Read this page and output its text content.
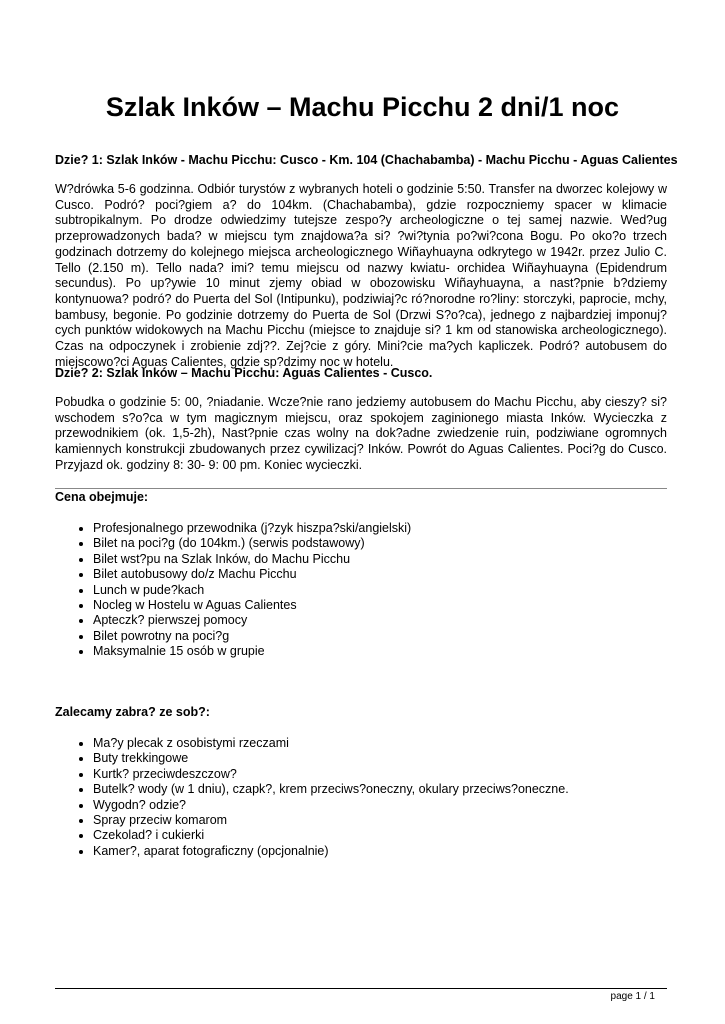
Szlak Inków – Machu Picchu 2 dni/1 noc
Dzie? 1: Szlak Inków - Machu Picchu: Cusco - Km. 104 (Chachabamba) - Machu Picchu - Aguas Calientes

W?drówka 5-6 godzinna. Odbiór turystów z wybranych hoteli o godzinie 5:50. Transfer na dworzec kolejowy w Cusco. Podró? poci?giem a? do 104km. (Chachabamba), gdzie rozpoczniemy spacer w klimacie subtropikalnym. Po drodze odwiedzimy tutejsze zespo?y archeologiczne o tej samej nazwie. Wed?ug przeprowadzonych bada? w miejscu tym znajdowa?a si? ?wi?tynia po?wi?cona Bogu. Po oko?o trzech godzinach dotrzemy do kolejnego miejsca archeologicznego Wiñayhuayna odkrytego w 1942r. przez Julio C. Tello (2.150 m). Tello nada? imi? temu miejscu od nazwy kwiatu- orchidea Wiñayhuayna (Epidendrum secundus). Po up?ywie 10 minut zjemy obiad w obozowisku Wiñayhuayna, a nast?pnie b?dziemy kontynuowa? podró? do Puerta del Sol (Intipunku), podziwiaj?c ró?norodne ro?liny: storczyki, paprocie, mchy, bambusy, begonie. Po godzinie dotrzemy do Puerta de Sol (Drzwi S?o?ca), jednego z najbardziej imponuj?cych punktów widokowych na Machu Picchu (miejsce to znajduje si? 1 km od stanowiska archeologicznego). Czas na odpoczynek i zrobienie zdj??. Zej?cie z góry. Mini?cie ma?ych kapliczek. Podró? autobusem do miejscowo?ci Aguas Calientes, gdzie sp?dzimy noc w hotelu.

Dzie? 2: Szlak Inków – Machu Picchu: Aguas Calientes - Cusco.

Pobudka o godzinie 5: 00, ?niadanie. Wcze?nie rano jedziemy autobusem do Machu Picchu, aby cieszy? si? wschodem s?o?ca w tym magicznym miejscu, oraz spokojem zaginionego miasta Inków. Wycieczka z przewodnikiem (ok. 1,5-2h), Nast?pnie czas wolny na dok?adne zwiedzenie ruin, podziwiane ogromnych kamiennych konstrukcji zbudowanych przez cywilizacj? Inków. Powrót do Aguas Calientes. Poci?g do Cusco. Przyjazd ok. godziny 8: 30- 9: 00 pm. Koniec wycieczki.

Cena obejmuje:
• Profesjonalnego przewodnika (j?zyk hiszpa?ski/angielski)
• Bilet na poci?g (do 104km.) (serwis podstawowy)
• Bilet wst?pu na Szlak Inków, do Machu Picchu
• Bilet autobusowy do/z Machu Picchu
• Lunch w pude?kach
• Nocleg w Hostelu w Aguas Calientes
• Apteczk? pierwszej pomocy
• Bilet powrotny na poci?g
• Maksymalnie 15 osób w grupie
Zalecamy zabra? ze sob?:
• Ma?y plecak z osobistymi rzeczami
• Buty trekkingowe
• Kurtk? przeciwdeszczow?
• Butelk? wody (w 1 dniu), czapk?, krem przeciws?oneczny, okulary przeciws?oneczne.
• Wygodn? odzie?
• Spray przeciw komarom
• Czekolad? i cukierki
• Kamer?, aparat fotograficzny (opcjonalnie)
page 1 / 1
